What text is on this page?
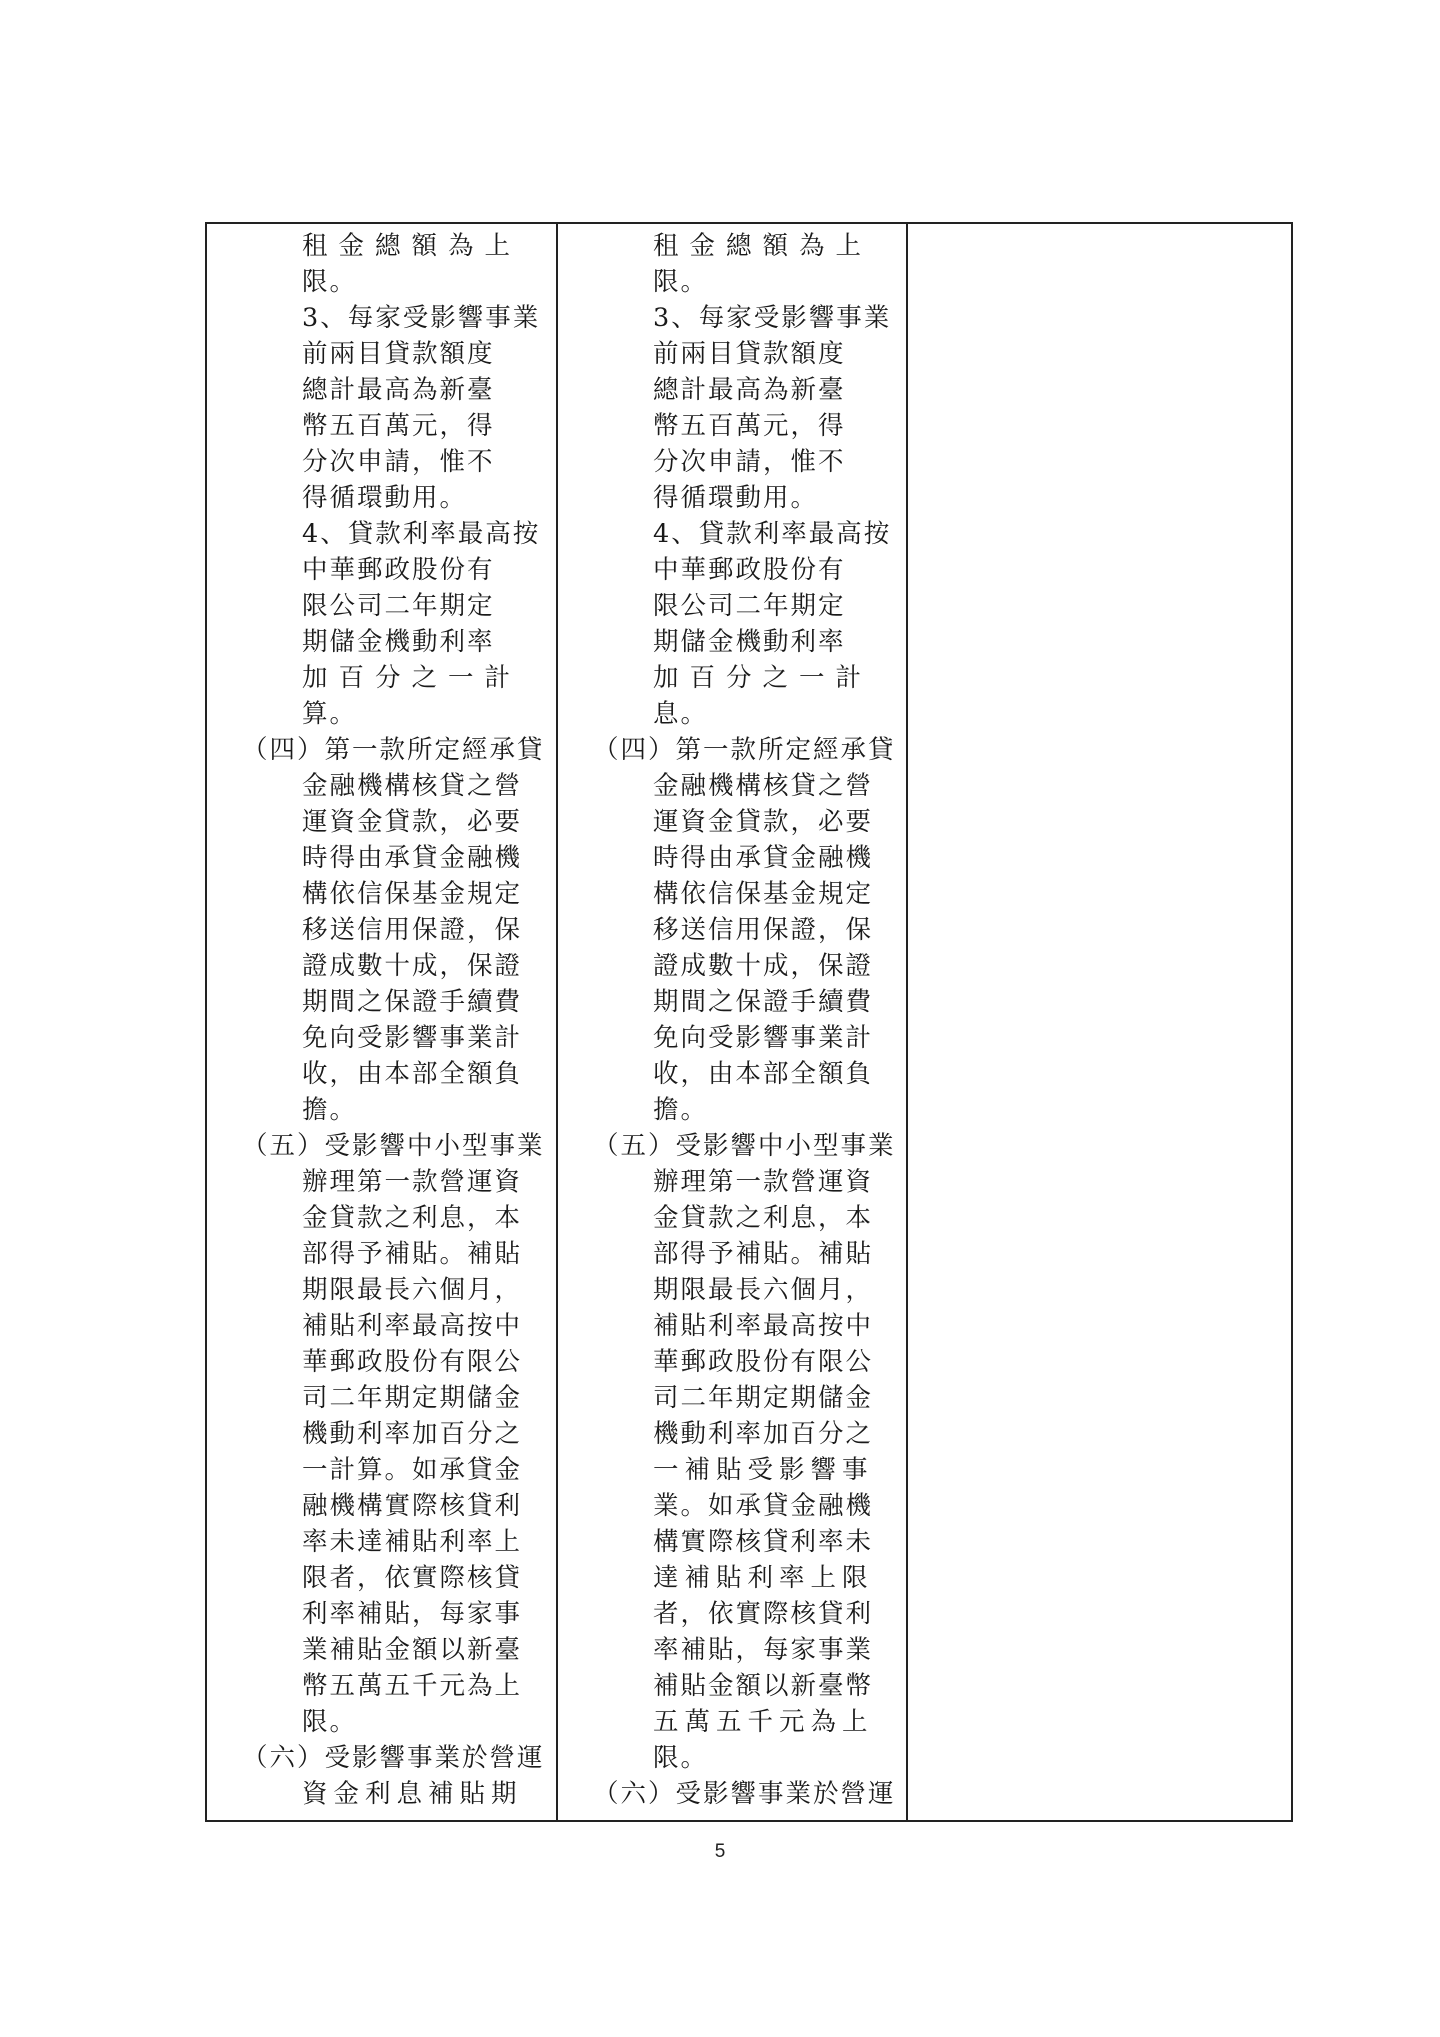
租金總額為上
限。
3、每家受影響事業
前兩目貸款額度
總計最高為新臺
幣五百萬元，得
分次申請，惟不
得循環動用。
4、貸款利率最高按
中華郵政股份有
限公司二年期定
期儲金機動利率
加百分之一計
算。
（四）第一款所定經承貸
金融機構核貸之營
運資金貸款，必要
時得由承貸金融機
構依信保基金規定
移送信用保證，保
證成數十成，保證
期間之保證手續費
免向受影響事業計
收，由本部全額負
擔。
（五）受影響中小型事業
辦理第一款營運資
金貸款之利息，本
部得予補貼。補貼
期限最長六個月，
補貼利率最高按中
華郵政股份有限公
司二年期定期儲金
機動利率加百分之
一計算。如承貸金
融機構實際核貸利
率未達補貼利率上
限者，依實際核貸
利率補貼，每家事
業補貼金額以新臺
幣五萬五千元為上
限。
（六）受影響事業於營運
資金利息補貼期
租金總額為上
限。
3、每家受影響事業
前兩目貸款額度
總計最高為新臺
幣五百萬元，得
分次申請，惟不
得循環動用。
4、貸款利率最高按
中華郵政股份有
限公司二年期定
期儲金機動利率
加百分之一計
息。
（四）第一款所定經承貸
金融機構核貸之營
運資金貸款，必要
時得由承貸金融機
構依信保基金規定
移送信用保證，保
證成數十成，保證
期間之保證手續費
免向受影響事業計
收，由本部全額負
擔。
（五）受影響中小型事業
辦理第一款營運資
金貸款之利息，本
部得予補貼。補貼
期限最長六個月，
補貼利率最高按中
華郵政股份有限公
司二年期定期儲金
機動利率加百分之
一補貼受影響事
業。如承貸金融機
構實際核貸利率未
達補貼利率上限
者，依實際核貸利
率補貼，每家事業
補貼金額以新臺幣
五萬五千元為上
限。
（六）受影響事業於營運
5
